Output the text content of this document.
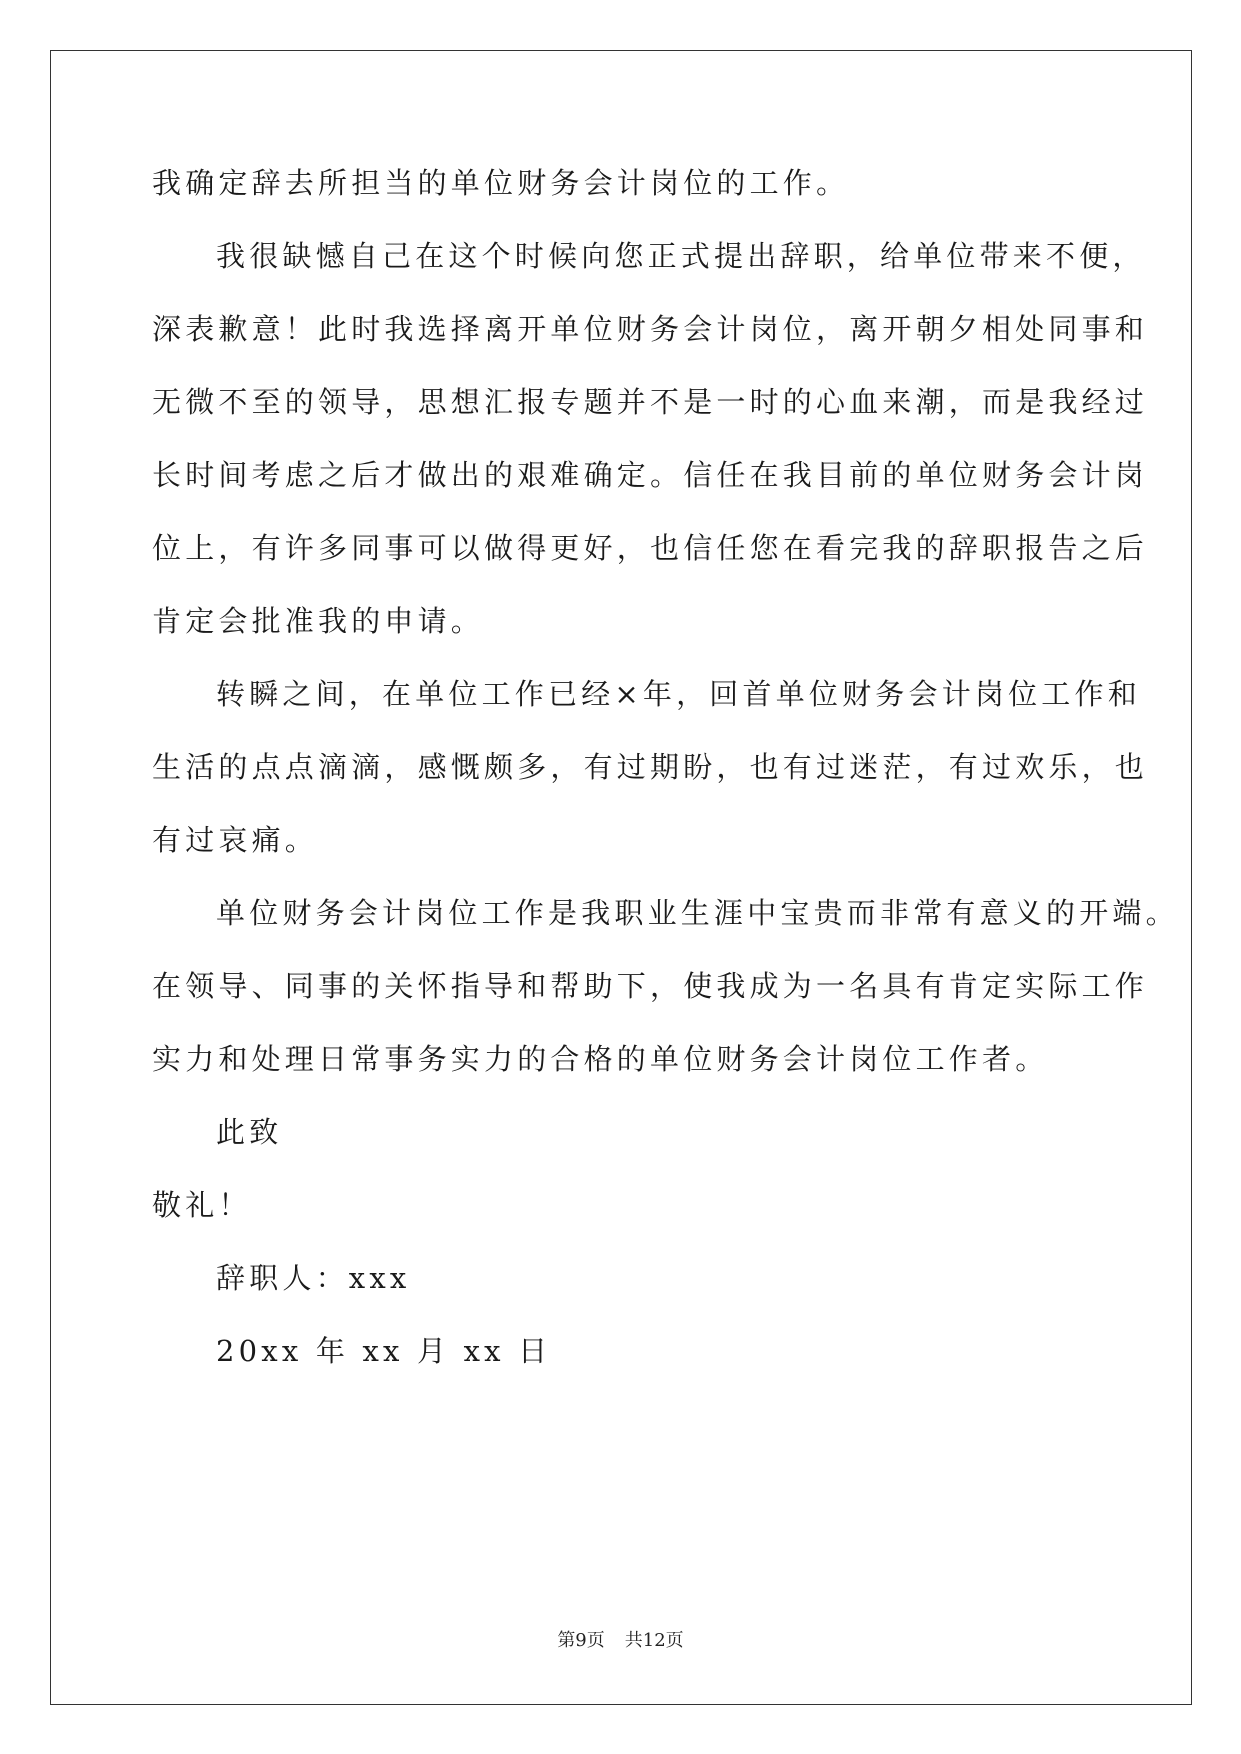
我确定辞去所担当的单位财务会计岗位的工作。
我很缺憾自己在这个时候向您正式提出辞职，给单位带来不便，
深表歉意！此时我选择离开单位财务会计岗位，离开朝夕相处同事和
无微不至的领导，思想汇报专题并不是一时的心血来潮，而是我经过
长时间考虑之后才做出的艰难确定。信任在我目前的单位财务会计岗
位上，有许多同事可以做得更好，也信任您在看完我的辞职报告之后
肯定会批准我的申请。
转瞬之间，在单位工作已经×年，回首单位财务会计岗位工作和
生活的点点滴滴，感慨颇多，有过期盼，也有过迷茫，有过欢乐，也
有过哀痛。
单位财务会计岗位工作是我职业生涯中宝贵而非常有意义的开端。
在领导、同事的关怀指导和帮助下，使我成为一名具有肯定实际工作
实力和处理日常事务实力的合格的单位财务会计岗位工作者。
此致
敬礼！
辞职人：xxx
20xx 年 xx 月 xx 日
第9页 共12页
